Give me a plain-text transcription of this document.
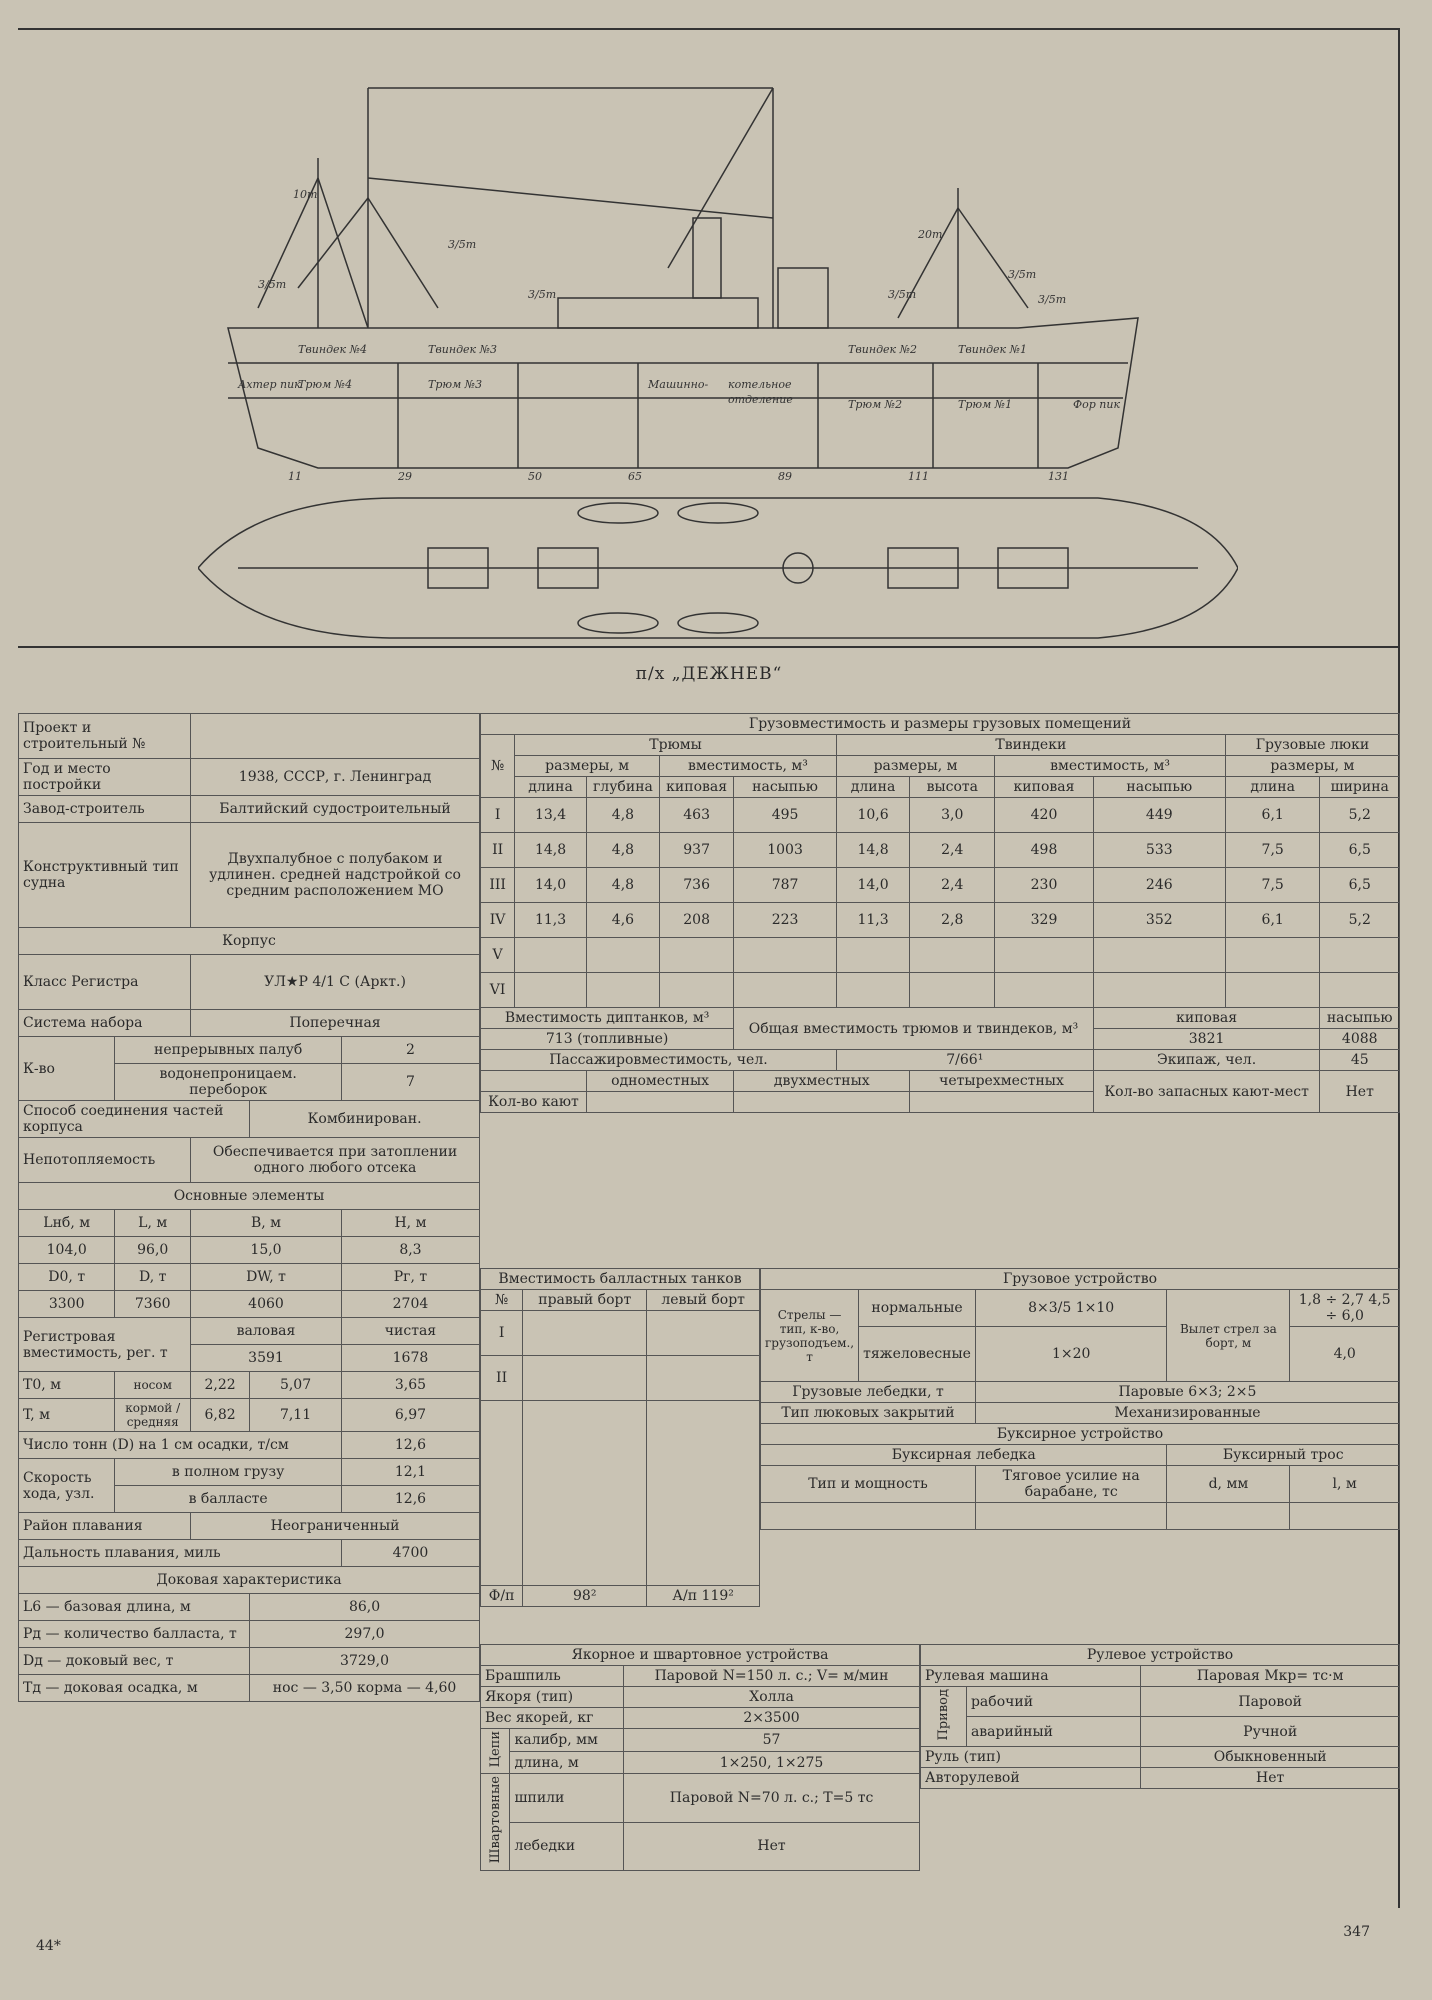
Твиндек №4	Твиндек №3	Твиндек №2	Твиндек №1
Трюм №4	Трюм №3	Машинно- котельное
отделение	Трюм №2	Трюм №1
Ахтер пик
Фор пик
11	29	50	65	89	111	131
10т
3/5т
3/5т
3/5т
20т
3/5т
3/5т
3/5т
п/х „ДЕЖНЕВ“
Проект и строительный №				
Год и место постройки		1938, СССР, г. Ленинград		
Завод-строитель		Балтийский судостроительный		
Конструктивный тип судна		Двухпалубное с полубаком и удлинен. средней надстройкой со средним расположением МО		
Корпус				
Класс Регистра		УЛ★Р 4/1 С (Аркт.)		
Система набора		Поперечная		
К-во	непрерывных палуб			2
	водонепроницаем. переборок			7
Способ соединения частей корпуса			Комбинирован.	
Непотопляемость		Обеспечивается при затоплении одного любого отсека		
Основные элементы				
Lнб, м	L, м	B, м		H, м
104,0	96,0	15,0		8,3
D0, т	D, т	DW, т		Рг, т
3300	7360	4060		2704
Регистровая вместимость, рег. т		валовая		чистая
		3591		1678
T0, м	носом	2,22	5,07	3,65
T, м	кормой / средняя	6,82	7,11	6,97
Число тонн (D) на 1 см осадки, т/см				12,6
Скорость хода, узл.	в полном грузу			12,1
	в балласте			12,6
Район плавания		Неограниченный		
Дальность плавания, миль				4700
Доковая характеристика				
L6 — базовая длина, м			86,0	
Pд — количество балласта, т			297,0	
Dд — доковый вес, т			3729,0	
Tд — доковая осадка, м			нос — 3,50 корма — 4,60	
Грузовместимость и размеры грузовых помещений										
№	Трюмы				Твиндеки				Грузовые люки	
	размеры, м		вместимость, м³		размеры, м		вместимость, м³		размеры, м	
	длина	глубина	киповая	насыпью	длина	высота	киповая	насыпью	длина	ширина
I	13,4	4,8	463	495	10,6	3,0	420	449	6,1	5,2
II	14,8	4,8	937	1003	14,8	2,4	498	533	7,5	6,5
III	14,0	4,8	736	787	14,0	2,4	230	246	7,5	6,5
IV	11,3	4,6	208	223	11,3	2,8	329	352	6,1	5,2
V										
VI										
Вместимость диптанков, м³				Общая вместимость трюмов и твиндеков, м³				киповая		насыпью
713 (топливные)								3821		4088
Пассажировместимость, чел.					7/66¹			Экипаж, чел.		45
		одноместных		двухместных		четырехместных		Кол-во запасных кают-мест		Нет
Кол-во кают										
Вместимость балластных танков		
№	правый борт	левый борт
I		
II		

Ф/п	98²	А/п 119²
Грузовое устройство				
Стрелы — тип, к-во, грузоподъем., т	нормальные	8×3/5 1×10	Вылет стрел за борт, м	1,8 ÷ 2,7 4,5 ÷ 6,0
	тяжеловесные	1×20		4,0
Грузовые лебедки, т		Паровые 6×3; 2×5		
Тип люковых закрытий		Механизированные		
Буксирное устройство				
Буксирная лебедка			Буксирный трос	
Тип и мощность		Тяговое усилие на барабане, тс	d, мм	l, м

Якорное и швартовное устройства		
Брашпиль		Паровой N=150 л. с.; V= м/мин
Якоря (тип)		Холла
Вес якорей, кг		2×3500
Цепи	калибр, мм	57
	длина, м	1×250, 1×275
Швартовные	шпили	Паровой N=70 л. с.; T=5 тс
	лебедки	Нет
Рулевое устройство		
Рулевая машина		Паровая Мкр= тс·м
Привод	рабочий	Паровой
	аварийный	Ручной
Руль (тип)		Обыкновенный
Авторулевой		Нет
44*
347
